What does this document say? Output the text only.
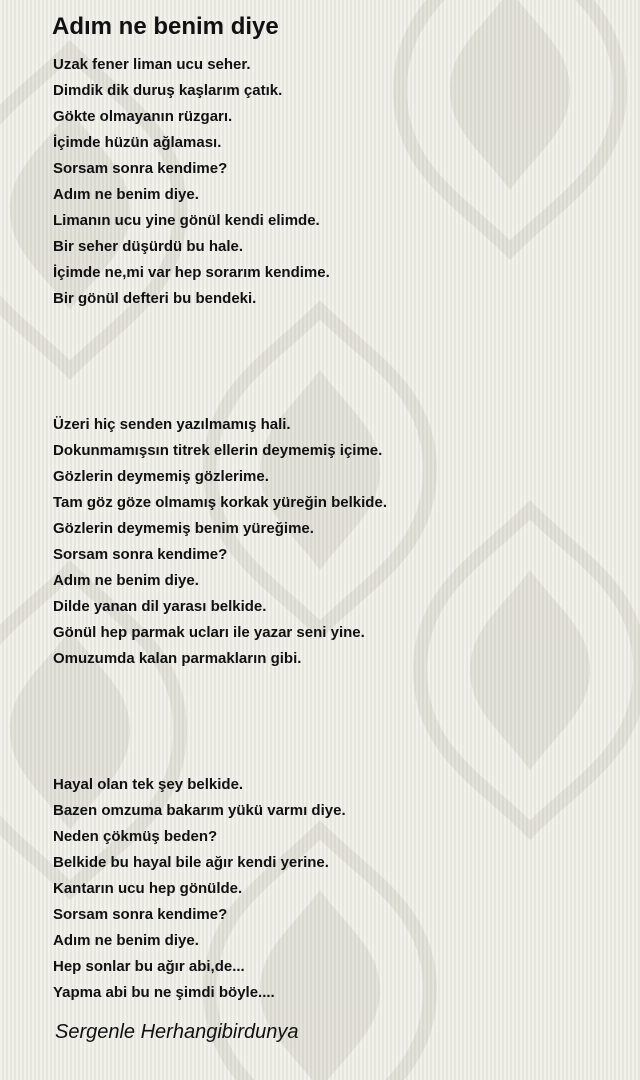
Adım ne benim diye
Uzak fener liman ucu seher.
Dimdik dik duruş kaşlarım çatık.
Gökte olmayanın rüzgarı.
İçimde hüzün ağlaması.
Sorsam sonra kendime?
Adım ne benim diye.
Limanın ucu yine gönül kendi elimde.
Bir seher düşürdü bu hale.
İçimde ne,mi var hep sorarım kendime.
Bir gönül defteri bu bendeki.
Üzeri hiç senden yazılmamış hali.
Dokunmamışsın titrek ellerin deymemiş içime.
Gözlerin deymemiş gözlerime.
Tam göz göze olmamış korkak yüreğin belkide.
Gözlerin deymemiş benim yüreğime.
Sorsam sonra kendime?
Adım ne benim diye.
Dilde yanan dil yarası belkide.
Gönül hep parmak ucları ile yazar seni yine.
Omuzumda kalan parmakların gibi.
Hayal olan tek şey belkide.
Bazen omzuma bakarım yükü varmı diye.
Neden çökmüş beden?
Belkide bu hayal bile ağır kendi yerine.
Kantarın ucu hep gönülde.
Sorsam sonra kendime?
Adım ne benim diye.
Hep sonlar bu ağır abi,de...
Yapma abi bu ne şimdi böyle....
Sergenle Herhangibirdunya
